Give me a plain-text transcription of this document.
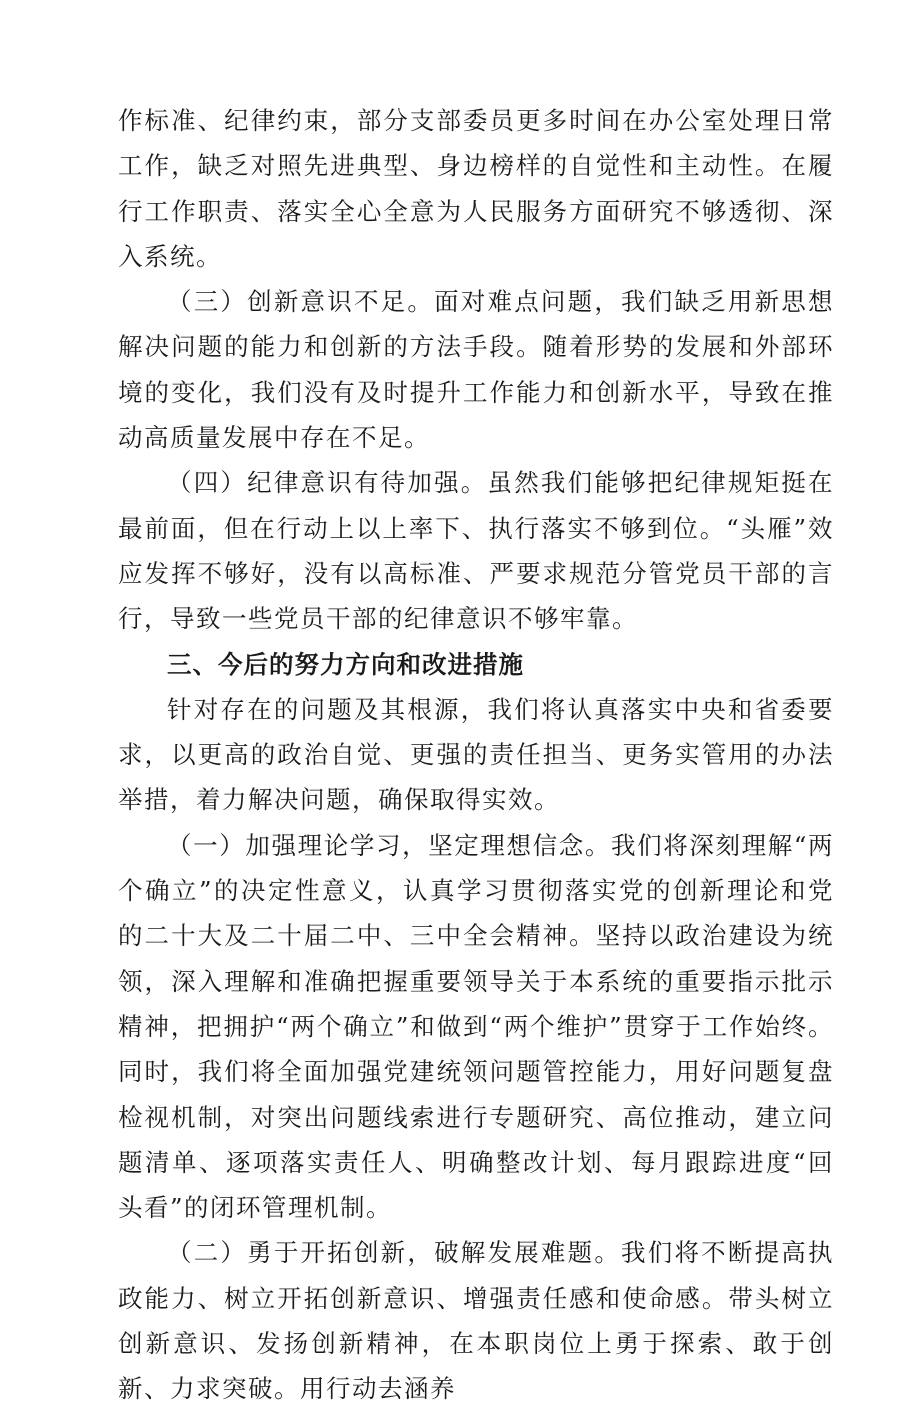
作标准、纪律约束，部分支部委员更多时间在办公室处理日常工作，缺乏对照先进典型、身边榜样的自觉性和主动性。在履行工作职责、落实全心全意为人民服务方面研究不够透彻、深入系统。

（三）创新意识不足。面对难点问题，我们缺乏用新思想解决问题的能力和创新的方法手段。随着形势的发展和外部环境的变化，我们没有及时提升工作能力和创新水平，导致在推动高质量发展中存在不足。

（四）纪律意识有待加强。虽然我们能够把纪律规矩挺在最前面，但在行动上以上率下、执行落实不够到位。“头雁”效应发挥不够好，没有以高标准、严要求规范分管党员干部的言行，导致一些党员干部的纪律意识不够牢靠。

三、今后的努力方向和改进措施

针对存在的问题及其根源，我们将认真落实中央和省委要求，以更高的政治自觉、更强的责任担当、更务实管用的办法举措，着力解决问题，确保取得实效。

（一）加强理论学习，坚定理想信念。我们将深刻理解“两个确立”的决定性意义，认真学习贯彻落实党的创新理论和党的二十大及二十届二中、三中全会精神。坚持以政治建设为统领，深入理解和准确把握重要领导关于本系统的重要指示批示精神，把拥护“两个确立”和做到“两个维护”贯穿于工作始终。同时，我们将全面加强党建统领问题管控能力，用好问题复盘检视机制，对突出问题线索进行专题研究、高位推动，建立问题清单、逐项落实责任人、明确整改计划、每月跟踪进度“回头看”的闭环管理机制。

（二）勇于开拓创新，破解发展难题。我们将不断提高执政能力、树立开拓创新意识、增强责任感和使命感。带头树立创新意识、发扬创新精神，在本职岗位上勇于探索、敢于创新、力求突破。用行动去涵养
